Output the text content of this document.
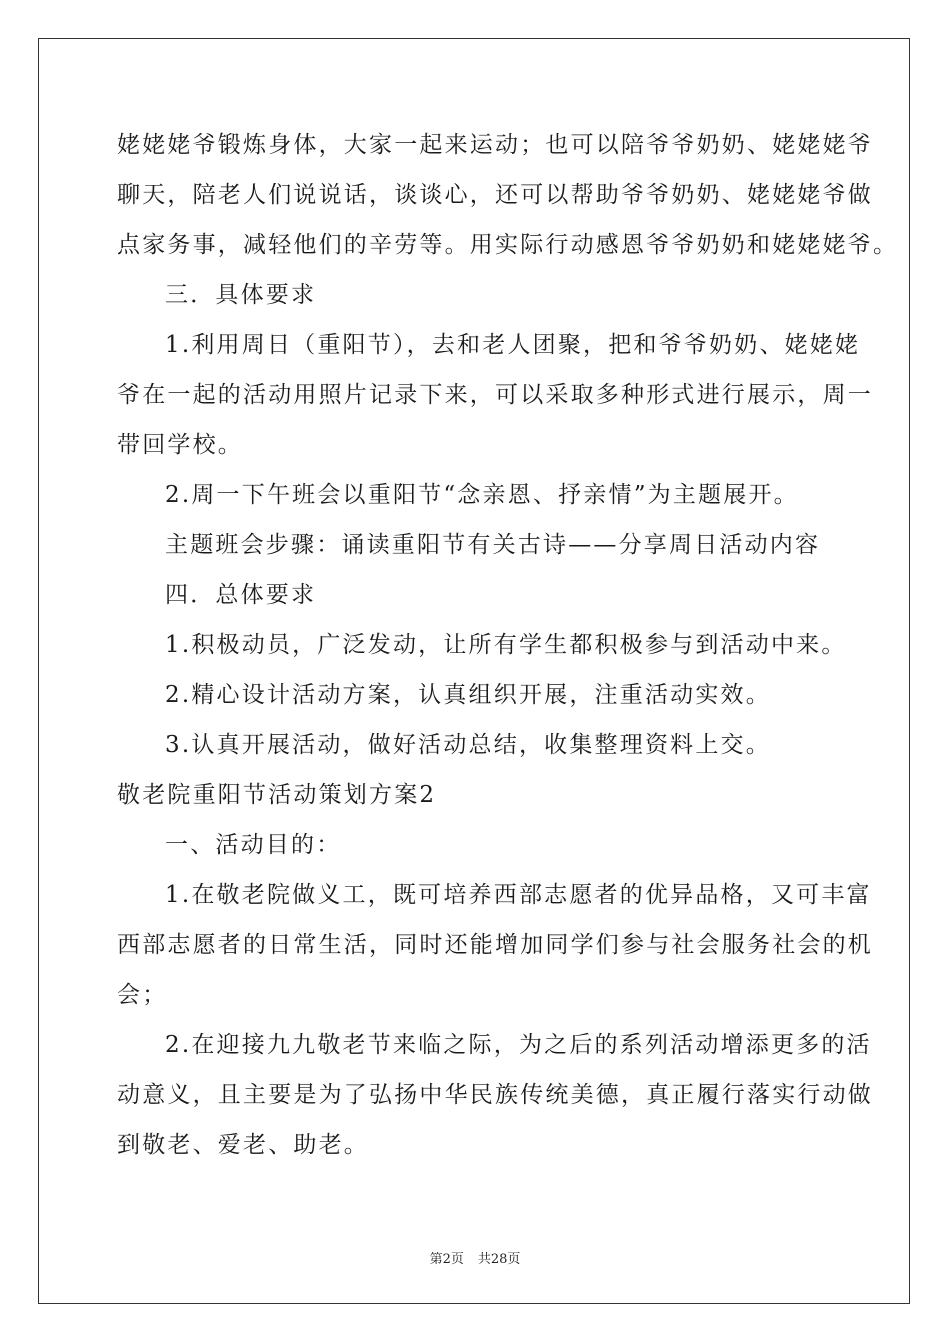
姥姥姥爷锻炼身体，大家一起来运动；也可以陪爷爷奶奶、姥姥姥爷
聊天，陪老人们说说话，谈谈心，还可以帮助爷爷奶奶、姥姥姥爷做
点家务事，减轻他们的辛劳等。用实际行动感恩爷爷奶奶和姥姥姥爷。
三．具体要求
1.利用周日（重阳节），去和老人团聚，把和爷爷奶奶、姥姥姥
爷在一起的活动用照片记录下来，可以采取多种形式进行展示，周一
带回学校。
2.周一下午班会以重阳节“念亲恩、抒亲情”为主题展开。
主题班会步骤：诵读重阳节有关古诗——分享周日活动内容
四．总体要求
1.积极动员，广泛发动，让所有学生都积极参与到活动中来。
2.精心设计活动方案，认真组织开展，注重活动实效。
3.认真开展活动，做好活动总结，收集整理资料上交。
敬老院重阳节活动策划方案2
一、活动目的：
1.在敬老院做义工，既可培养西部志愿者的优异品格，又可丰富
西部志愿者的日常生活，同时还能增加同学们参与社会服务社会的机
会；
2.在迎接九九敬老节来临之际，为之后的系列活动增添更多的活
动意义，且主要是为了弘扬中华民族传统美德，真正履行落实行动做
到敬老、爱老、助老。
第2页 共28页
